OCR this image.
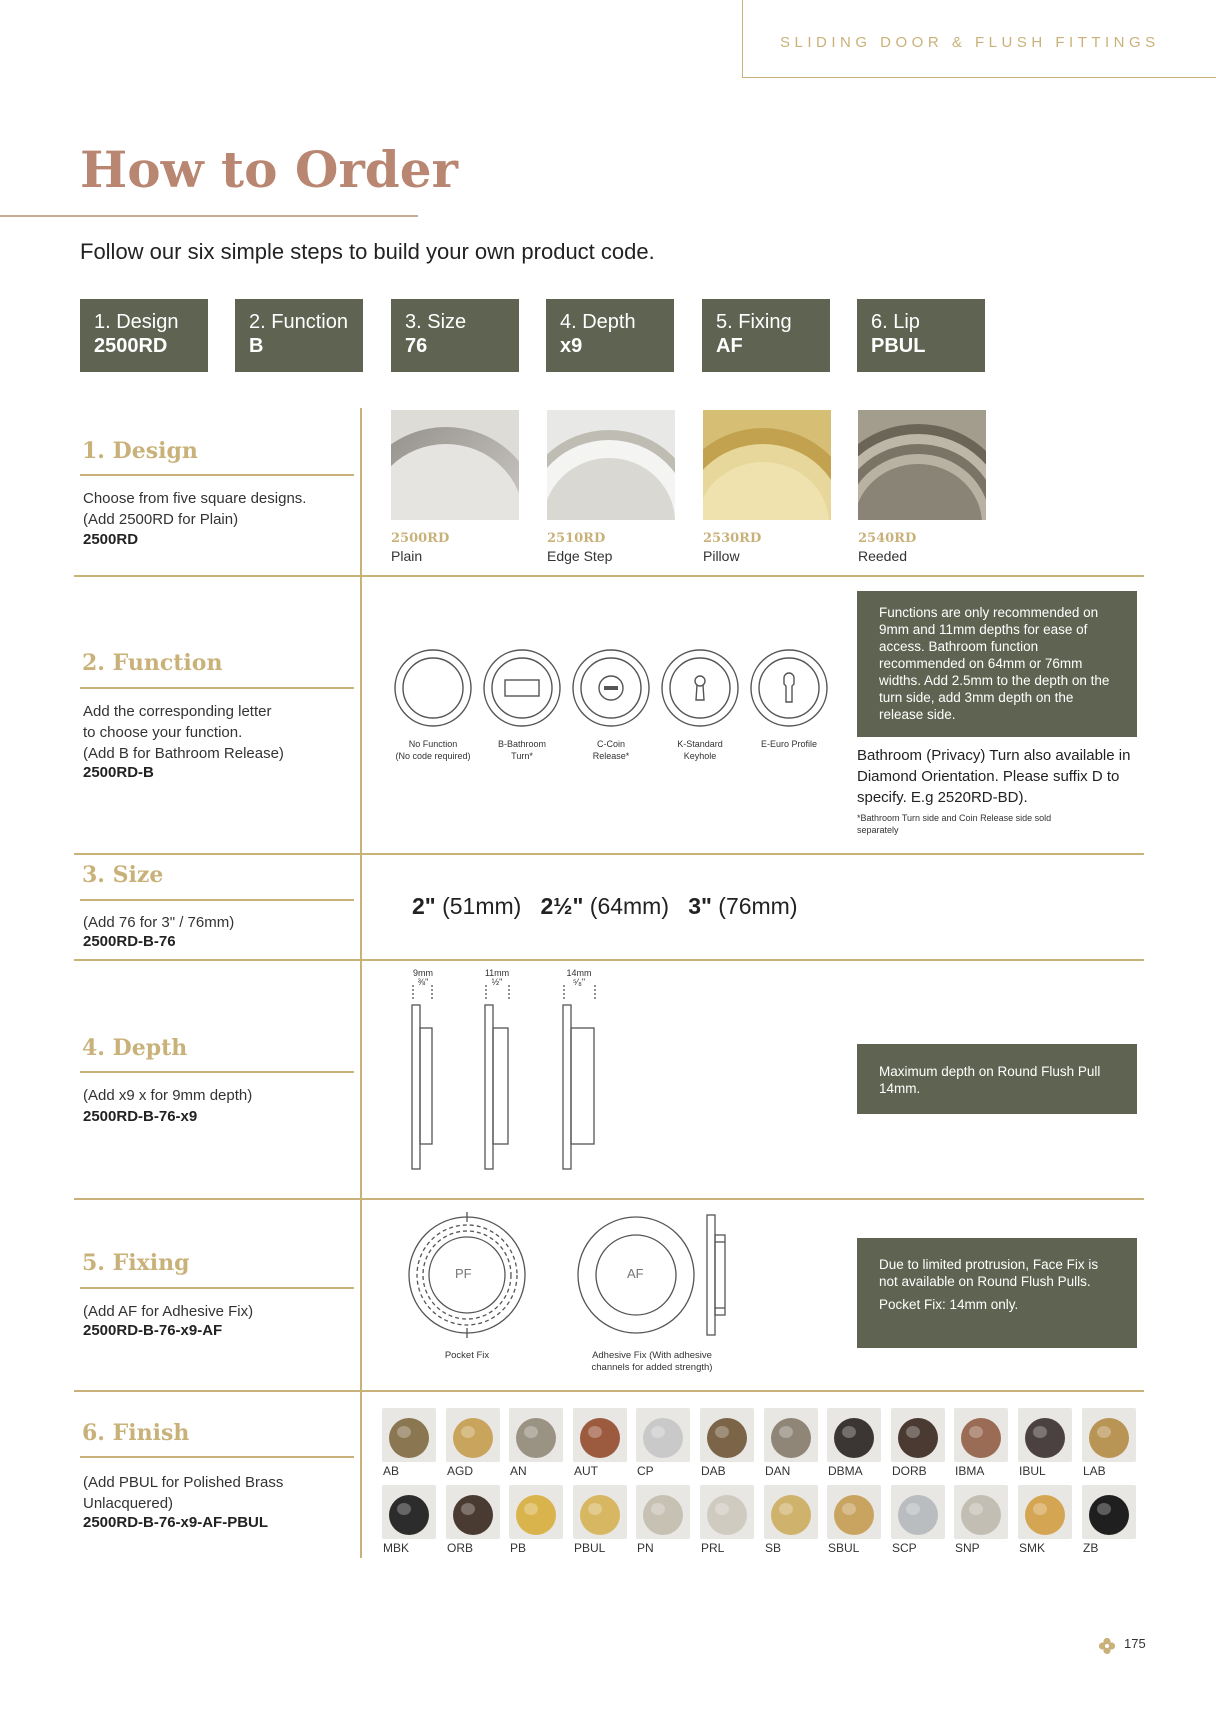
SLIDING DOOR & FLUSH FITTINGS
How to Order
Follow our six simple steps to build your own product code.
1. Design
2500RD
2. Function
B
3. Size
76
4. Depth
x9
5. Fixing
AF
6. Lip
PBUL
1. Design
Choose from five square designs.
(Add 2500RD for Plain)
2500RD	2500RD
Plain
2510RD
Edge Step
2530RD
Pillow
2540RD
Reeded
2. Function
Add the corresponding letter
to choose your function.
(Add B for Bathroom Release)
2500RD-B
No Function
(No code required)
B-Bathroom
Turn*
C-Coin
Release*
K-Standard
Keyhole
E-Euro Profile
Functions are only recommended on 9mm and 11mm depths for ease of access. Bathroom function recommended on 64mm or 76mm widths. Add 2.5mm to the depth on the turn side, add 3mm depth on the release side.
Bathroom (Privacy) Turn also available in Diamond Orientation. Please suffix D to specify. E.g 2520RD-BD).
*Bathroom Turn side and Coin Release side sold separately
3. Size
(Add 76 for 3" / 76mm)
2500RD-B-76
2" (51mm) 2½" (64mm) 3" (76mm)
4. Depth
(Add x9 x for 9mm depth)
2500RD-B-76-x9
9mm
⅜"
11mm
½"
14mm
⁵⁄₈"
Maximum depth on Round Flush Pull 14mm.
5. Fixing
(Add AF for Adhesive Fix)
2500RD-B-76-x9-AF
PF	AF
Pocket Fix	Adhesive Fix (With adhesive channels for added strength)
Due to limited protrusion, Face Fix is not available on Round Flush Pulls.
Pocket Fix: 14mm only.
6. Finish
(Add PBUL for Polished Brass
Unlacquered)
2500RD-B-76-x9-AF-PBUL
AB	AGD	AN	AUT	CP	DAB	DAN	DBMA DORB IBMA	IBUL	LAB
MBK	ORB	PB	PBUL	PN	PRL	SB	SBUL	SCP	SNP	SMK	ZB
175
